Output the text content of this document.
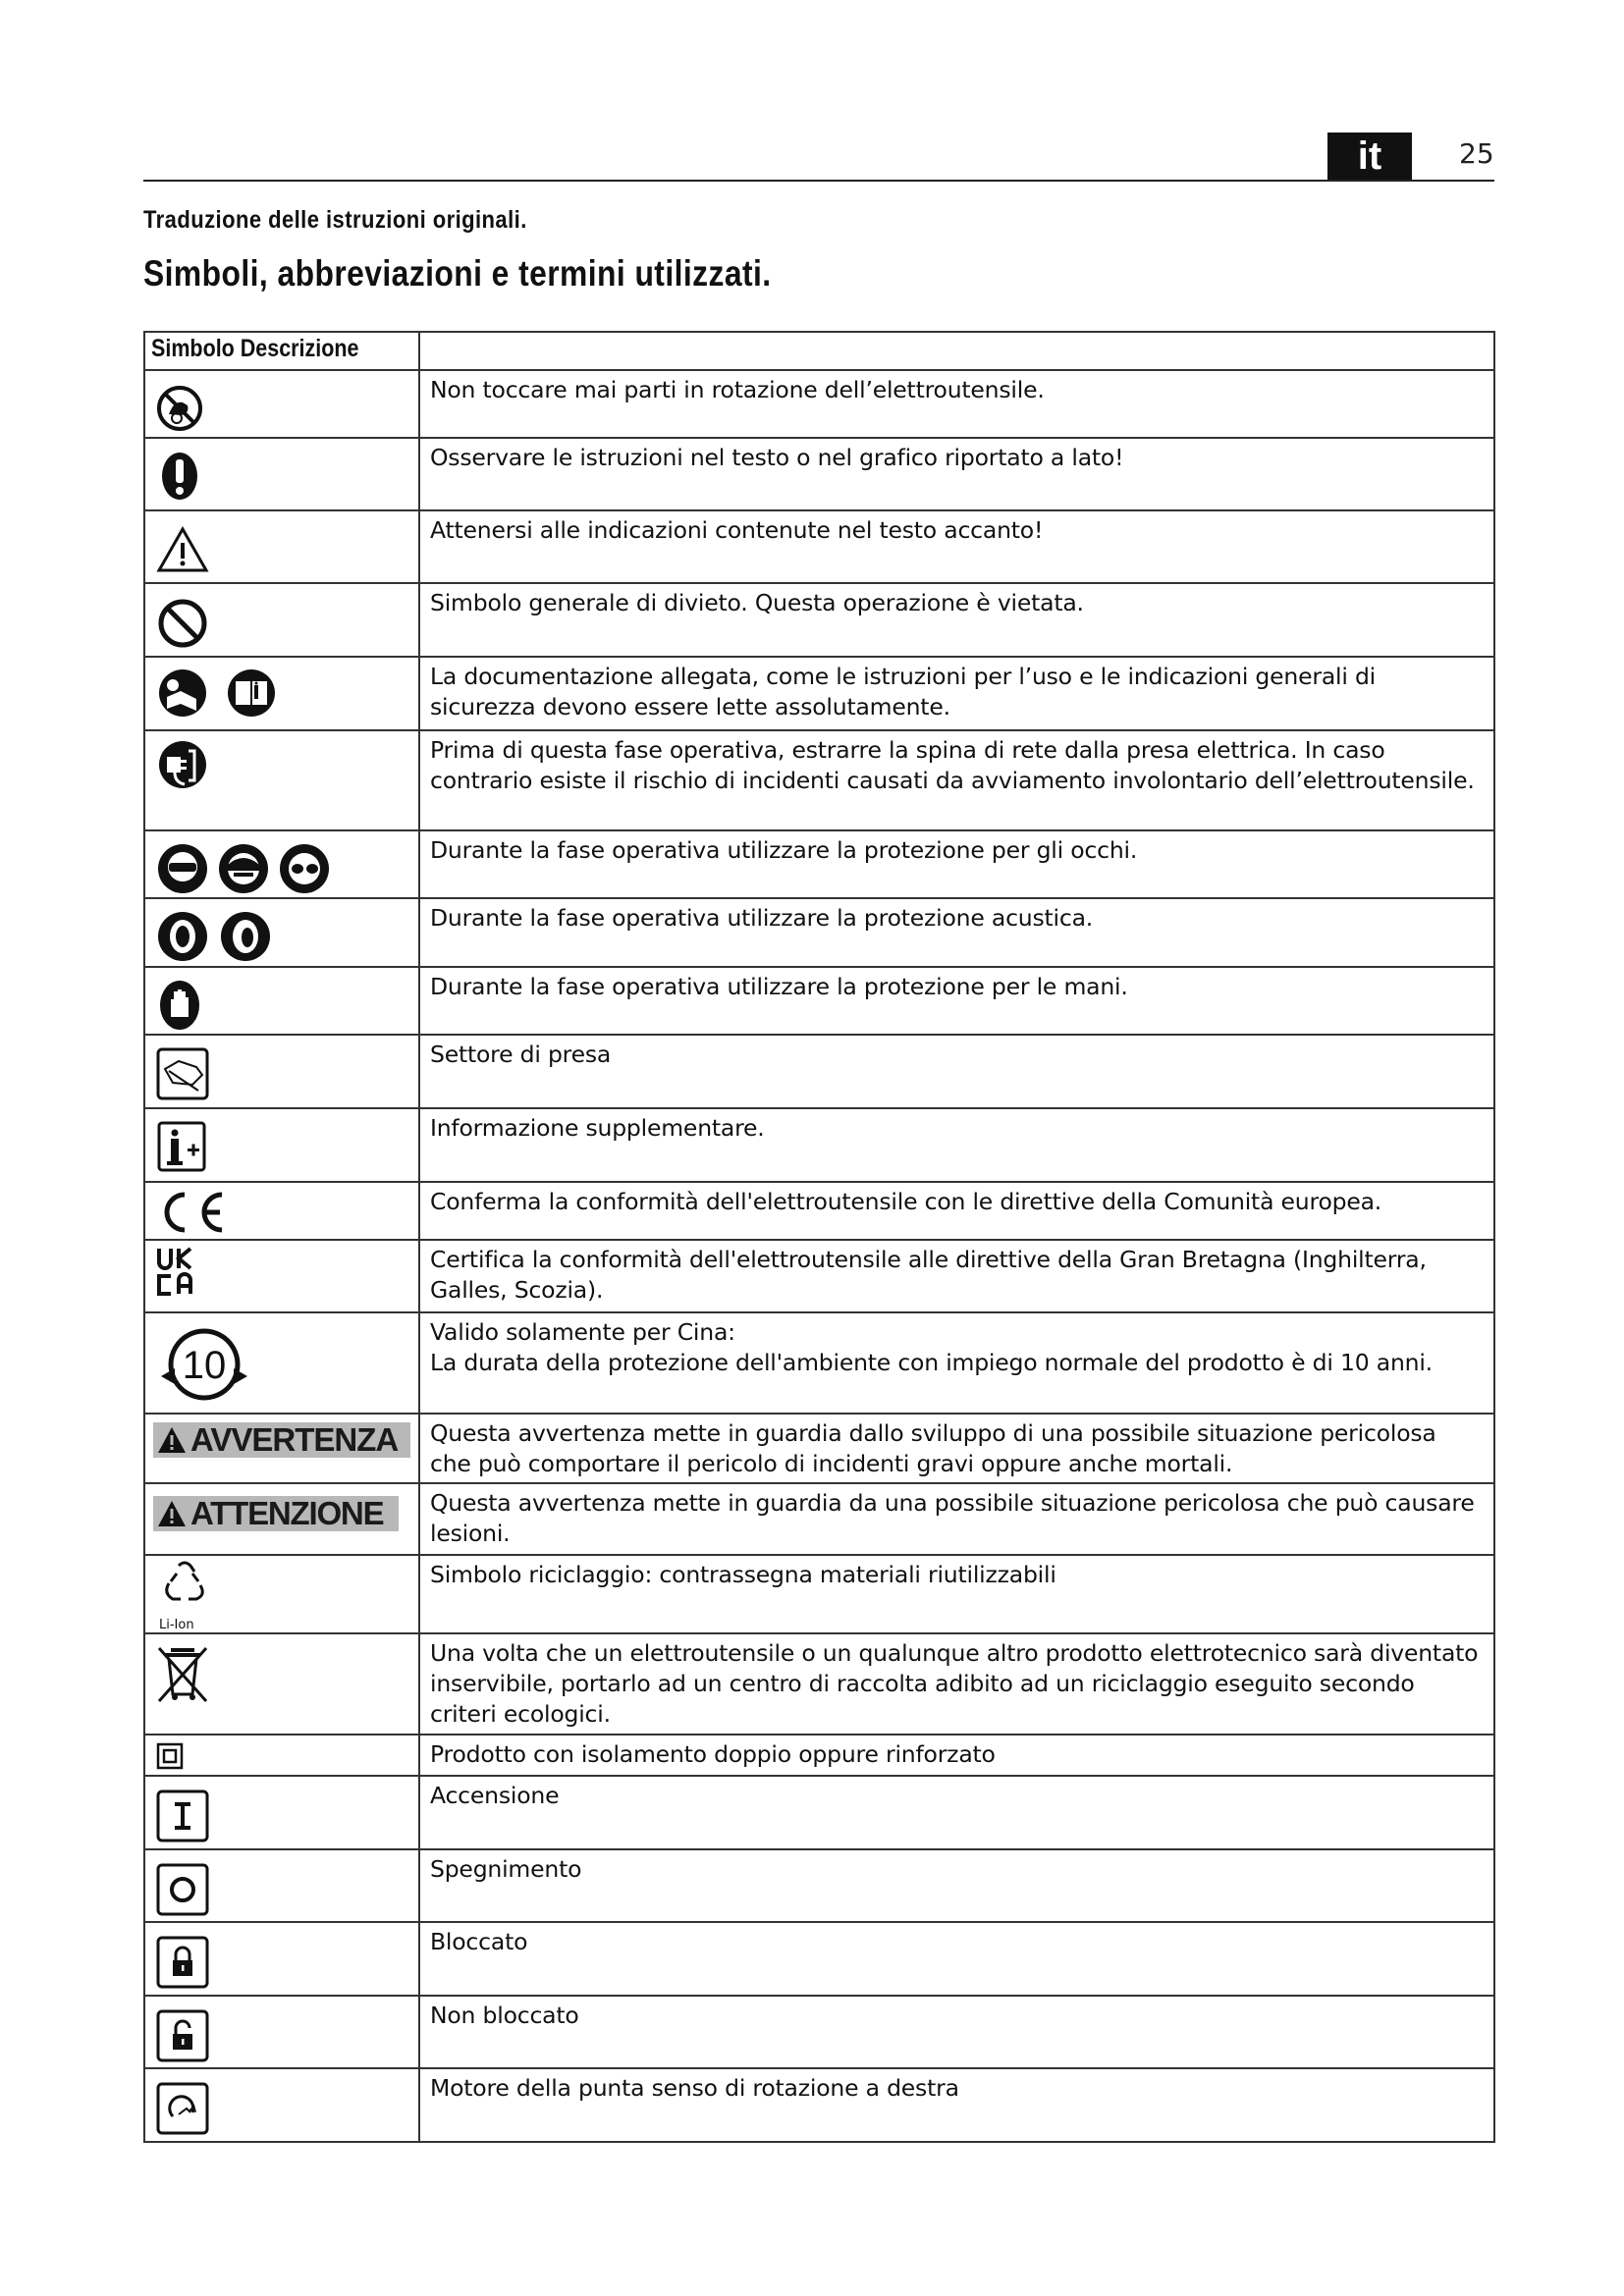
it	25
Traduzione delle istruzioni originali.
Simboli, abbreviazioni e termini utilizzati.
Simbolo Descrizione	

	Non toccare mai parti in rotazione dell’elettroutensile.

	Osservare le istruzioni nel testo o nel grafico riportato a lato!

	Attenersi alle indicazioni contenute nel testo accanto!

	Simbolo generale di divieto. Questa operazione è vietata.

	La documentazione allegata, come le istruzioni per l’uso e le indicazioni generali di sicurezza devono essere lette assolutamente.

	Prima di questa fase operativa, estrarre la spina di rete dalla presa elettrica. In caso contrario esiste il rischio di incidenti causati da avviamento involontario dell’elettroutensile.

	Durante la fase operativa utilizzare la protezione per gli occhi.

	Durante la fase operativa utilizzare la protezione acustica.

	Durante la fase operativa utilizzare la protezione per le mani.

	Settore di presa

	Informazione supplementare.

	Conferma la conformità dell'elettroutensile con le direttive della Comunità europea.

	Certifica la conformità dell'elettroutensile alle direttive della Gran Bretagna (Inghilterra, Galles, Scozia).

10	Valido solamente per Cina:
La durata della protezione dell'ambiente con impiego normale del prodotto è di 10 anni.

AVVERTENZA	Questa avvertenza mette in guardia dallo sviluppo di una possibile situazione pericolosa che può comportare il pericolo di incidenti gravi oppure anche mortali.

ATTENZIONE	Questa avvertenza mette in guardia da una possibile situazione pericolosa che può causare lesioni.

Li-Ion	Simbolo riciclaggio: contrassegna materiali riutilizzabili

	Una volta che un elettroutensile o un qualunque altro prodotto elettrotecnico sarà diventato inservibile, portarlo ad un centro di raccolta adibito ad un riciclaggio eseguito secondo criteri ecologici.

	Prodotto con isolamento doppio oppure rinforzato

	Accensione

	Spegnimento

	Bloccato

	Non bloccato

	Motore della punta senso di rotazione a destra
